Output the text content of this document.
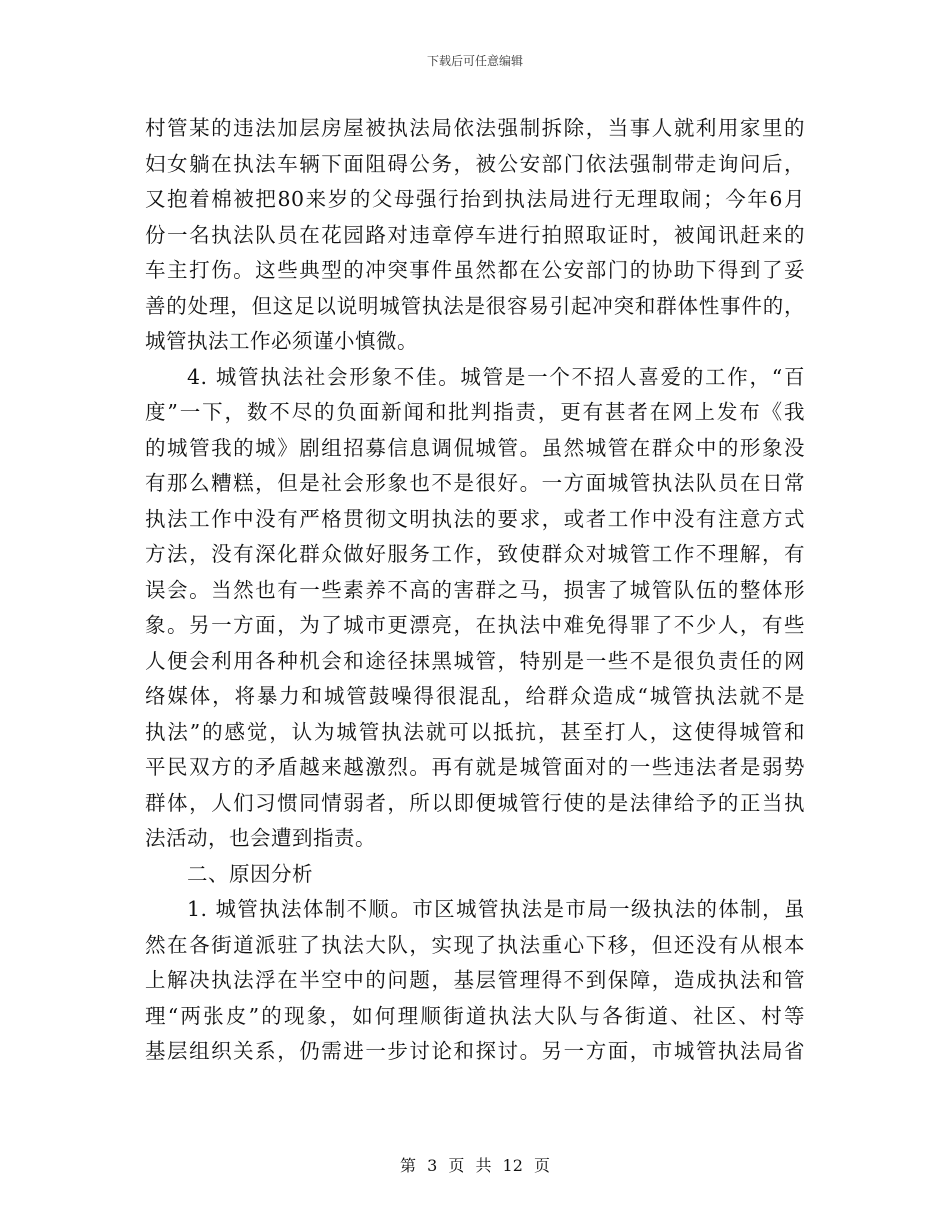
下载后可任意编辑
村管某的违法加层房屋被执法局依法强制拆除，当事人就利用家里的
妇女躺在执法车辆下面阻碍公务，被公安部门依法强制带走询问后，
又抱着棉被把80来岁的父母强行抬到执法局进行无理取闹；今年6月
份一名执法队员在花园路对违章停车进行拍照取证时，被闻讯赶来的
车主打伤。这些典型的冲突事件虽然都在公安部门的协助下得到了妥
善的处理，但这足以说明城管执法是很容易引起冲突和群体性事件的，
城管执法工作必须谨小慎微。
4. 城管执法社会形象不佳。城管是一个不招人喜爱的工作，“百
度”一下，数不尽的负面新闻和批判指责，更有甚者在网上发布《我
的城管我的城》剧组招募信息调侃城管。虽然城管在群众中的形象没
有那么糟糕，但是社会形象也不是很好。一方面城管执法队员在日常
执法工作中没有严格贯彻文明执法的要求，或者工作中没有注意方式
方法，没有深化群众做好服务工作，致使群众对城管工作不理解，有
误会。当然也有一些素养不高的害群之马，损害了城管队伍的整体形
象。另一方面，为了城市更漂亮，在执法中难免得罪了不少人，有些
人便会利用各种机会和途径抹黑城管，特别是一些不是很负责任的网
络媒体，将暴力和城管鼓噪得很混乱，给群众造成“城管执法就不是
执法”的感觉，认为城管执法就可以抵抗，甚至打人，这使得城管和
平民双方的矛盾越来越激烈。再有就是城管面对的一些违法者是弱势
群体，人们习惯同情弱者，所以即便城管行使的是法律给予的正当执
法活动，也会遭到指责。
二、原因分析
1. 城管执法体制不顺。市区城管执法是市局一级执法的体制，虽
然在各街道派驻了执法大队，实现了执法重心下移，但还没有从根本
上解决执法浮在半空中的问题，基层管理得不到保障，造成执法和管
理“两张皮”的现象，如何理顺街道执法大队与各街道、社区、村等
基层组织关系，仍需进一步讨论和探讨。另一方面，市城管执法局省
第 3 页 共 12 页
